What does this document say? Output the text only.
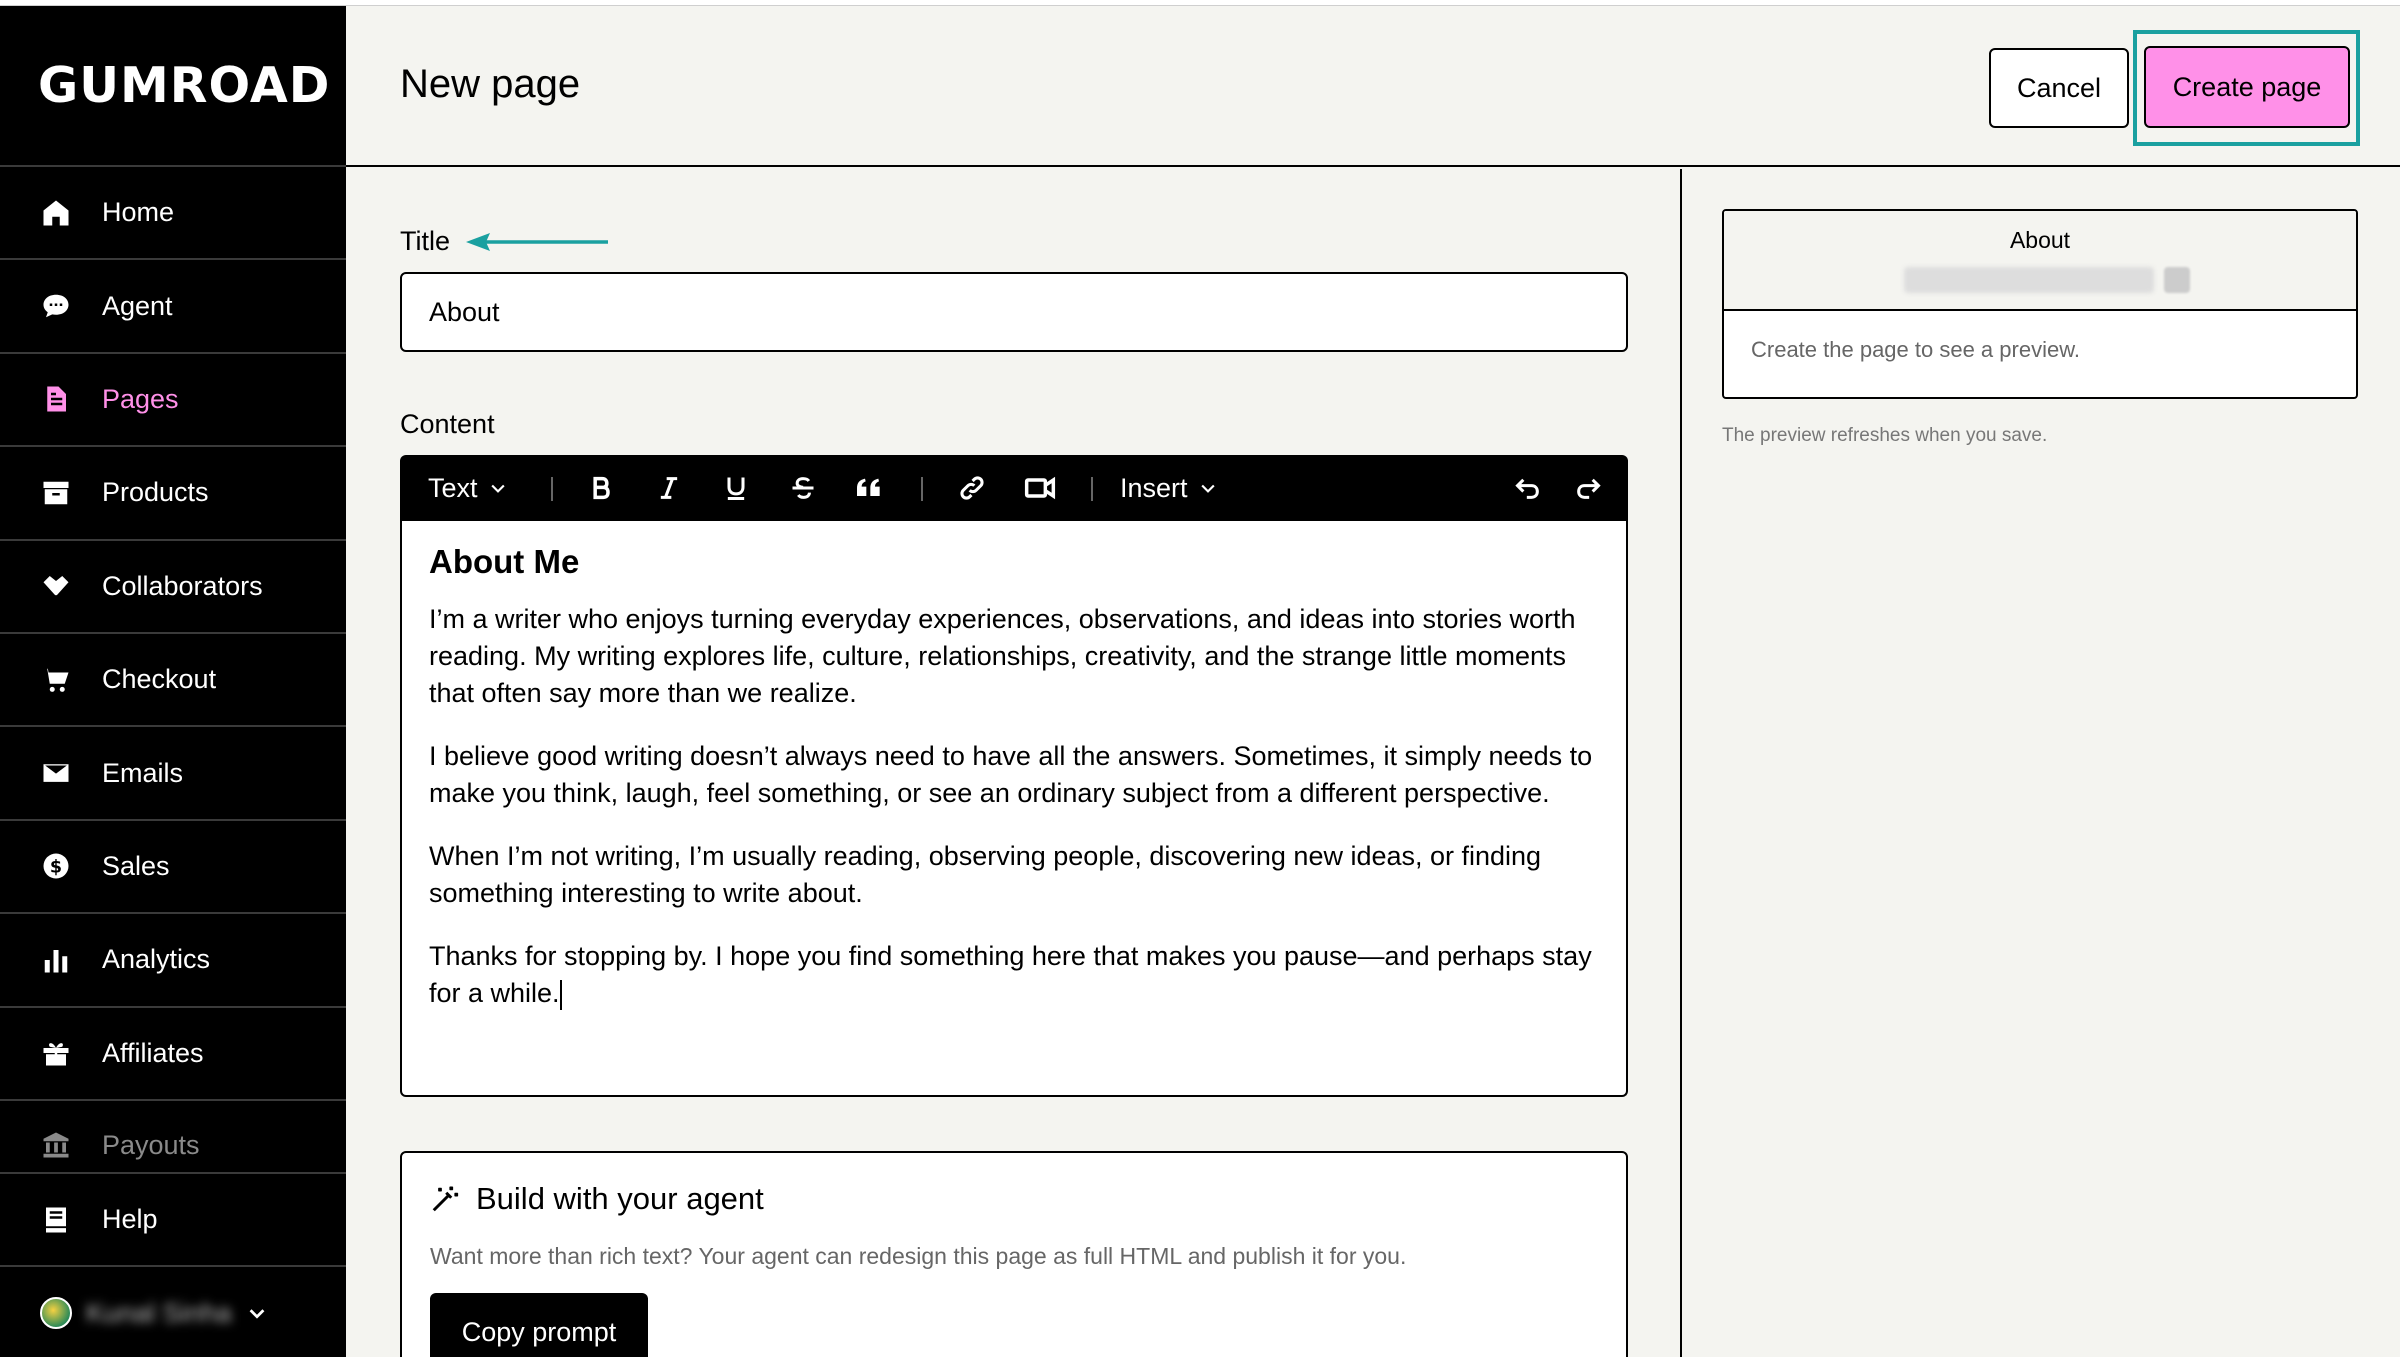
GUMROAD
Home
Agent
Pages
Products
Collaborators
Checkout
Emails
$ Sales
Analytics
Affiliates
Payouts
Help
Kunal Sinha
New page	Cancel	Create page
Title
About
Content
Text	Insert
About Me

I’m a writer who enjoys turning everyday experiences, observations, and ideas into stories worth reading. My writing explores life, culture, relationships, creativity, and the strange little moments that often say more than we realize.

I believe good writing doesn’t always need to have all the answers. Sometimes, it simply needs to make you think, laugh, feel something, or see an ordinary subject from a different perspective.

When I’m not writing, I’m usually reading, observing people, discovering new ideas, or finding something interesting to write about.

Thanks for stopping by. I hope you find something here that makes you pause—and perhaps stay for a while.

Build with your agent
Want more than rich text? Your agent can redesign this page as full HTML and publish it for you.
Copy prompt
About
Create the page to see a preview.
The preview refreshes when you save.
